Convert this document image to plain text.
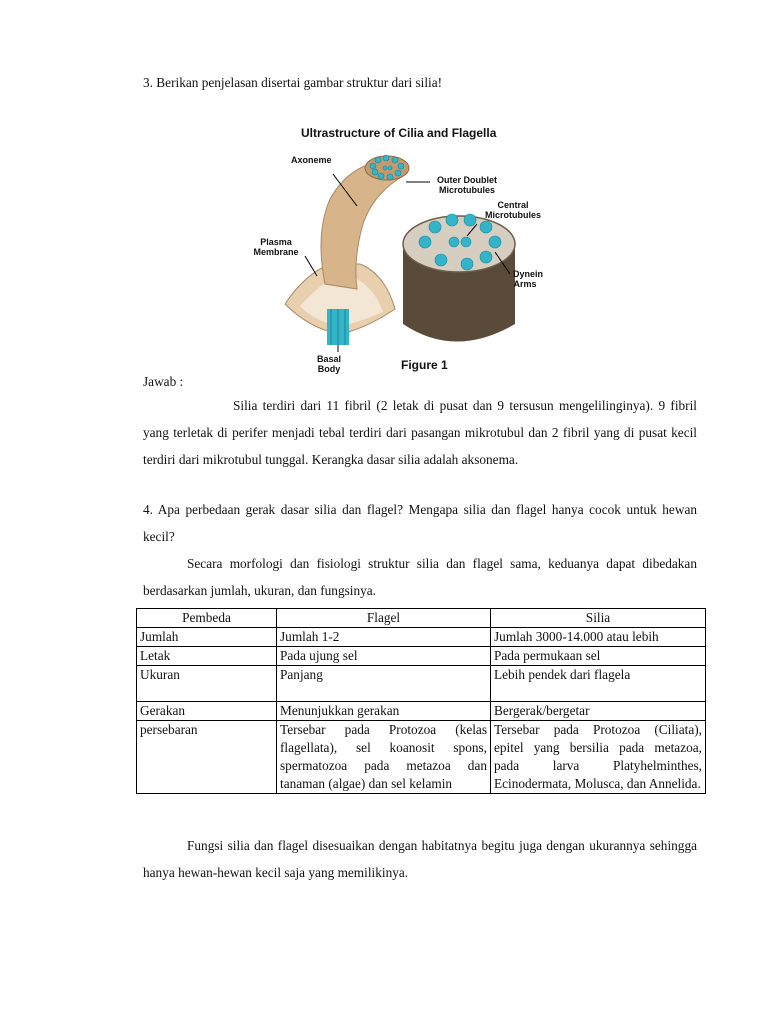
3. Berikan penjelasan disertai gambar struktur dari silia!
Ultrastructure of Cilia and Flagella
Axoneme
Outer Doublet Microtubules
Central Microtubules
Plasma Membrane
Dynein Arms
Basal Body	Figure 1
Jawab :
Silia terdiri dari 11 fibril (2 letak di pusat dan 9 tersusun mengelilinginya). 9 fibril yang terletak di perifer menjadi tebal terdiri dari pasangan mikrotubul dan 2 fibril yang di pusat kecil terdiri dari mikrotubul tunggal. Kerangka dasar silia adalah aksonema.
4. Apa perbedaan gerak dasar silia dan flagel? Mengapa silia dan flagel hanya cocok untuk hewan kecil?
Secara morfologi dan fisiologi struktur silia dan flagel sama, keduanya dapat dibedakan berdasarkan jumlah, ukuran, dan fungsinya.
Pembeda	Flagel	Silia
Jumlah	Jumlah 1-2	Jumlah 3000-14.000 atau lebih
Letak	Pada ujung sel	Pada permukaan sel
Ukuran	Panjang	Lebih pendek dari flagela
Gerakan	Menunjukkan gerakan	Bergerak/bergetar
persebaran	Tersebar pada Protozoa (kelas flagellata), sel koanosit spons, spermatozoa pada metazoa dan tanaman (algae) dan sel kelamin	Tersebar pada Protozoa (Ciliata), epitel yang bersilia pada metazoa, pada larva Platyhelminthes, Ecinodermata, Molusca, dan Annelida.
Fungsi silia dan flagel disesuaikan dengan habitatnya begitu juga dengan ukurannya sehingga hanya hewan-hewan kecil saja yang memilikinya.
